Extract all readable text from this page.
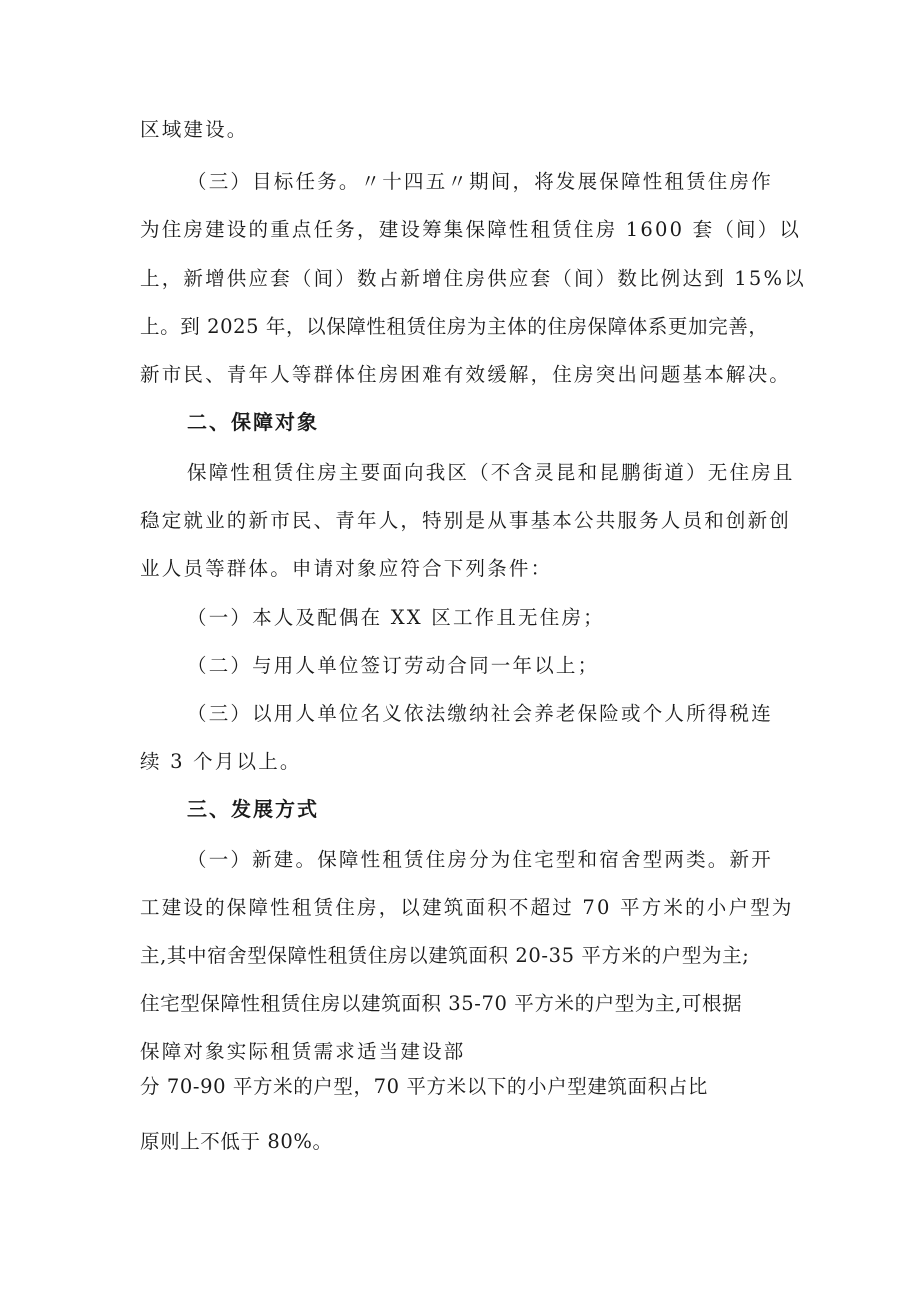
区域建设。
（三）目标任务。〃十四五〃期间，将发展保障性租赁住房作
为住房建设的重点任务，建设筹集保障性租赁住房 1600 套（间）以
上，新增供应套（间）数占新增住房供应套（间）数比例达到 15%以
上。到 2025 年，以保障性租赁住房为主体的住房保障体系更加完善，
新市民、青年人等群体住房困难有效缓解，住房突出问题基本解决。
二、保障对象
保障性租赁住房主要面向我区（不含灵昆和昆鹏街道）无住房且
稳定就业的新市民、青年人，特别是从事基本公共服务人员和创新创
业人员等群体。申请对象应符合下列条件：
（一）本人及配偶在 XX 区工作且无住房；
（二）与用人单位签订劳动合同一年以上；
（三）以用人单位名义依法缴纳社会养老保险或个人所得税连
续 3 个月以上。
三、发展方式
（一）新建。保障性租赁住房分为住宅型和宿舍型两类。新开
工建设的保障性租赁住房，以建筑面积不超过 70 平方米的小户型为
主,其中宿舍型保障性租赁住房以建筑面积 20-35 平方米的户型为主;
住宅型保障性租赁住房以建筑面积 35-70 平方米的户型为主,可根据
保障对象实际租赁需求适当建设部
分 70-90 平方米的户型，70 平方米以下的小户型建筑面积占比
原则上不低于 80%。
